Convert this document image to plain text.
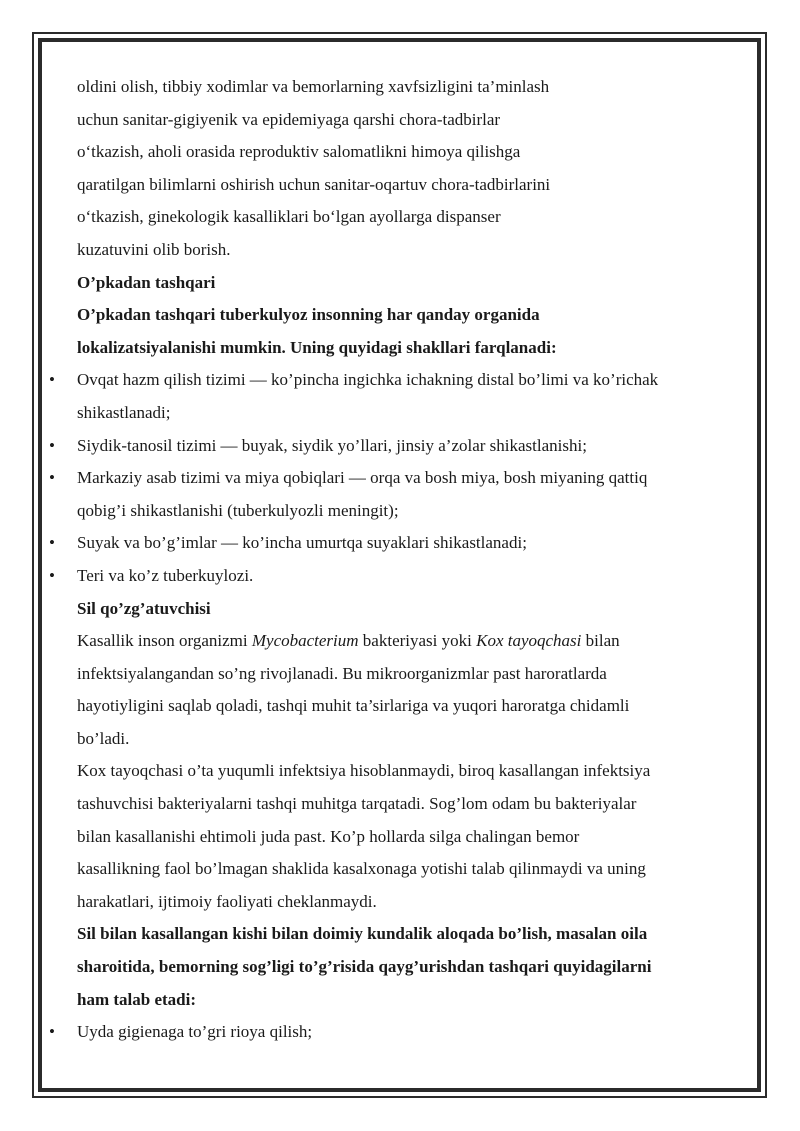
oldini olish, tibbiy xodimlar va bemorlarning xavfsizligini ta’minlash

uchun sanitar-gigiyenik va epidemiyaga qarshi chora-tadbirlar

o‘tkazish, aholi orasida reproduktiv salomatlikni himoya qilishga

qaratilgan bilimlarni oshirish uchun sanitar-oqartuv chora-tadbirlarini

o‘tkazish, ginekologik kasalliklari bo‘lgan ayollarga dispanser

kuzatuvini olib borish.

O’pkadan tashqari

O’pkadan tashqari tuberkulyoz insonning har qanday organida

lokalizatsiyalanishi mumkin. Uning quyidagi shakllari farqlanadi:

• Ovqat hazm qilish tizimi — ko’pincha ingichka ichakning distal bo’limi va ko’richak

shikastlanadi;

• Siydik-tanosil tizimi — buyak, siydik yo’llari, jinsiy a’zolar shikastlanishi;

• Markaziy asab tizimi va miya qobiqlari — orqa va bosh miya, bosh miyaning qattiq

qobig’i shikastlanishi (tuberkulyozli meningit);

• Suyak va bo’g’imlar — ko’incha umurtqa suyaklari shikastlanadi;

• Teri va ko’z tuberkuylozi.

Sil qo’zg’atuvchisi

Kasallik inson organizmi Mycobacterium bakteriyasi yoki Kox tayoqchasi bilan

infektsiyalangandan so’ng rivojlanadi. Bu mikroorganizmlar past haroratlarda

hayotiyligini saqlab qoladi, tashqi muhit ta’sirlariga va yuqori haroratga chidamli

bo’ladi.

Kox tayoqchasi o’ta yuqumli infektsiya hisoblanmaydi, biroq kasallangan infektsiya

tashuvchisi bakteriyalarni tashqi muhitga tarqatadi. Sog’lom odam bu bakteriyalar

bilan kasallanishi ehtimoli juda past. Ko’p hollarda silga chalingan bemor

kasallikning faol bo’lmagan shaklida kasalxonaga yotishi talab qilinmaydi va uning

harakatlari, ijtimoiy faoliyati cheklanmaydi.

Sil bilan kasallangan kishi bilan doimiy kundalik aloqada bo’lish, masalan oila

sharoitida, bemorning sog’ligi to’g’risida qayg’urishdan tashqari quyidagilarni

ham talab etadi:

• Uyda gigienaga to’gri rioya qilish;
